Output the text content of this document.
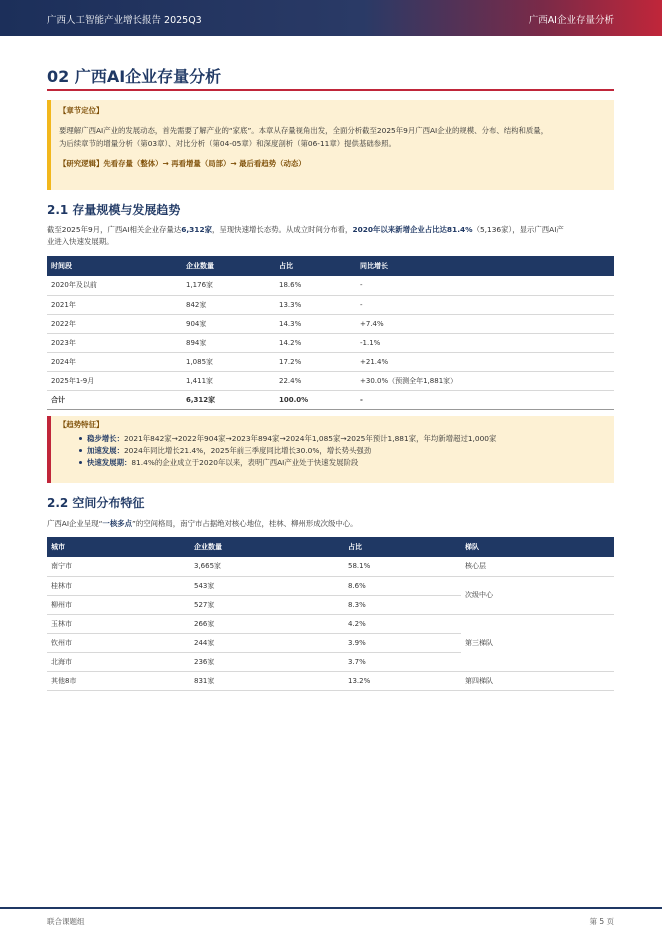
广西人工智能产业增长报告 2025Q3	广西AI企业存量分析
02 广西AI企业存量分析

【章节定位】

要理解广西AI产业的发展动态，首先需要了解产业的“家底”。本章从存量视角出发，全面分析截至2025年9月广西AI企业的规模、分布、结构和质量，

为后续章节的增量分析（第03章）、对比分析（第04-05章）和深度剖析（第06-11章）提供基础参照。

【研究逻辑】先看存量（整体）→ 再看增量（局部）→ 最后看趋势（动态）

2.1 存量规模与发展趋势
截至2025年9月，广西AI相关企业存量达6,312家，呈现快速增长态势。从成立时间分布看，2020年以来新增企业占比达81.4%（5,136家），显示广西AI产
业进入快速发展期。
时间段	企业数量	占比	同比增长
2020年及以前	1,176家	18.6%	-
2021年	842家	13.3%	-
2022年	904家	14.3%	+7.4%
2023年	894家	14.2%	-1.1%
2024年	1,085家	17.2%	+21.4%
2025年1-9月	1,411家	22.4%	+30.0%（预测全年1,881家）
合计	6,312家	100.0%	-

【趋势特征】

稳步增长：2021年842家→2022年904家→2023年894家→2024年1,085家→2025年预计1,881家，年均新增超过1,000家
加速发展：2024年同比增长21.4%，2025年前三季度同比增长30.0%，增长势头强劲
快速发展期：81.4%的企业成立于2020年以来，表明广西AI产业处于快速发展阶段
2.2 空间分布特征
广西AI企业呈现“一核多点”的空间格局，南宁市占据绝对核心地位，桂林、柳州形成次级中心。
城市	企业数量	占比	梯队
南宁市	3,665家	58.1%	核心层
桂林市	543家	8.6%	次级中心
柳州市	527家	8.3%	
玉林市	266家	4.2%	第三梯队
钦州市	244家	3.9%	
北海市	236家	3.7%	
其他8市	831家	13.2%	第四梯队
联合课题组	第 5 页
